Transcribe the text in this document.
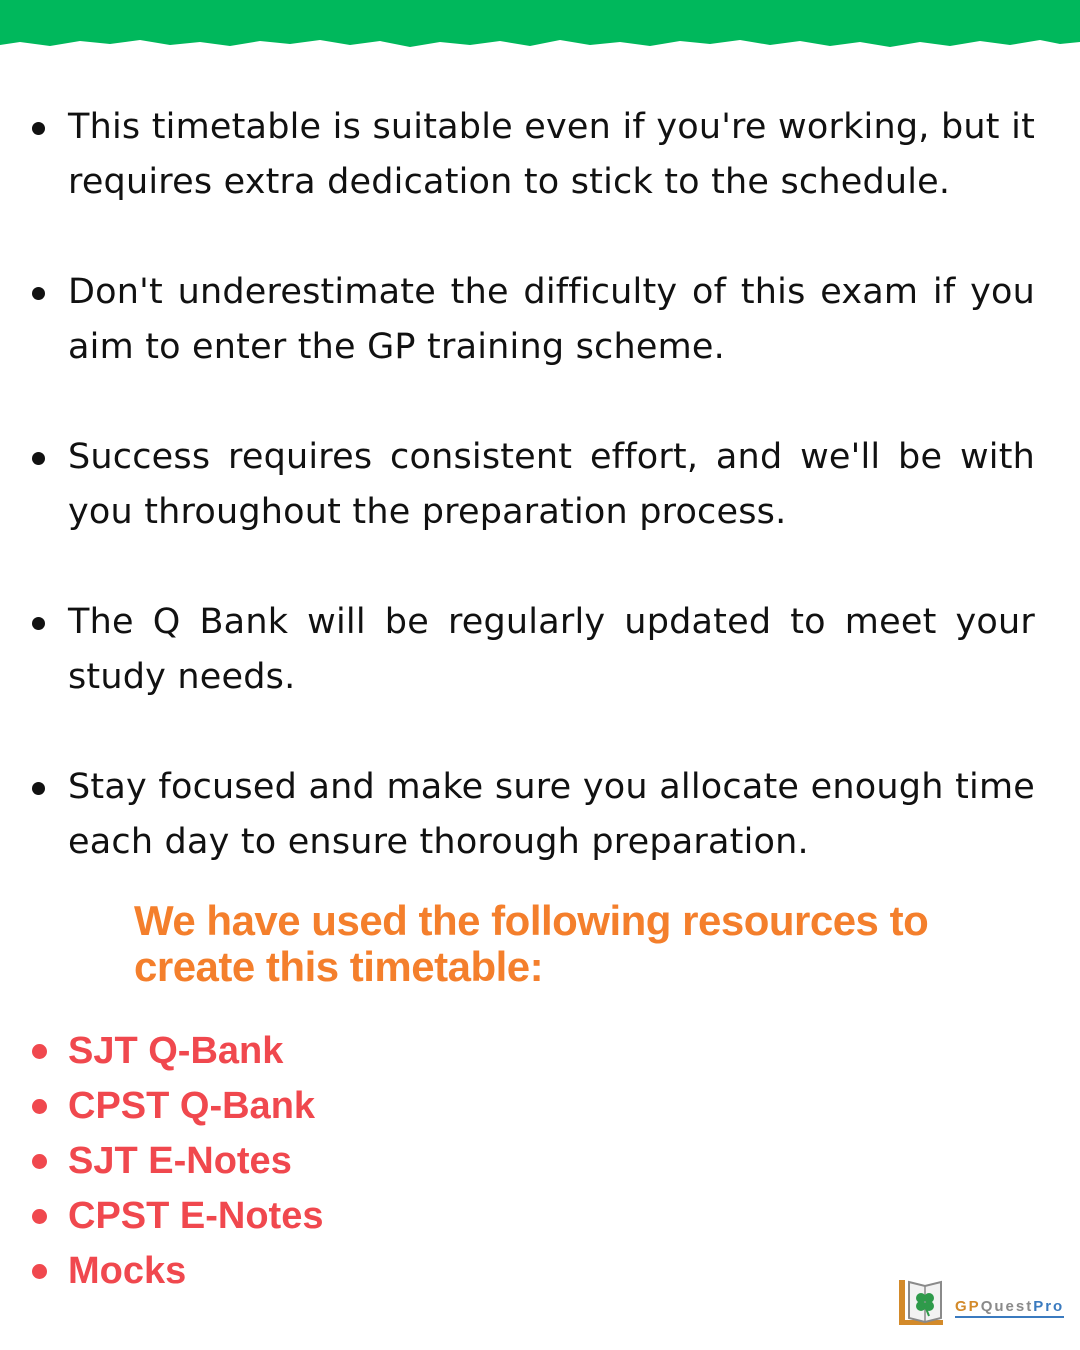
This timetable is suitable even if you're working, but it requires extra dedication to stick to the schedule.
Don't underestimate the difficulty of this exam if you aim to enter the GP training scheme.
Success requires consistent effort, and we'll be with you throughout the preparation process.
The Q Bank will be regularly updated to meet your study needs.
Stay focused and make sure you allocate enough time each day to ensure thorough preparation.
We have used the following resources to create this timetable:
SJT Q-Bank
CPST Q-Bank
SJT E-Notes
CPST E-Notes
Mocks
GPQuestPro
